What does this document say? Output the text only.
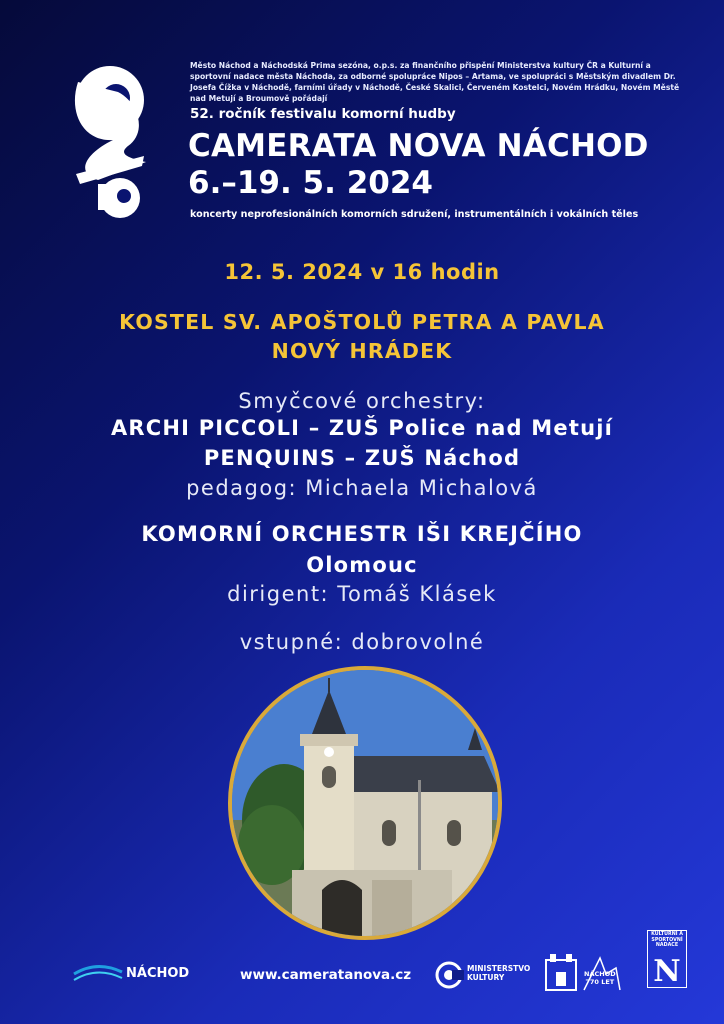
Město Náchod a Náchodská Prima sezóna, o.p.s. za finančního přispění Ministerstva kultury ČR a Kulturní a sportovní nadace města Náchoda, za odborné spolupráce Nipos – Artama, ve spolupráci s Městským divadlem Dr. Josefa Čížka v Náchodě, farními úřady v Náchodě, České Skalici, Červeném Kostelci, Novém Hrádku, Novém Městě nad Metují a Broumově pořádají
52. ročník festivalu komorní hudby
CAMERATA NOVA NÁCHOD
6.–19. 5. 2024
koncerty neprofesionálních komorních sdružení, instrumentálních i vokálních těles
12. 5. 2024 v 16 hodin
KOSTEL SV. APOŠTOLŮ PETRA A PAVLA
NOVÝ HRÁDEK
Smyčcové orchestry:
ARCHI PICCOLI – ZUŠ Police nad Metují
PENQUINS – ZUŠ Náchod
pedagog: Michaela Michalová
KOMORNÍ ORCHESTR IŠI KREJČÍHO
Olomouc
dirigent: Tomáš Klásek
vstupné: dobrovolné
NÁCHOD	www.cameratanova.cz	MINISTERSTVO
KULTURY	NÁCHOD
770 LET
KULTURNÍ A SPORTOVNÍ NADACE
N
